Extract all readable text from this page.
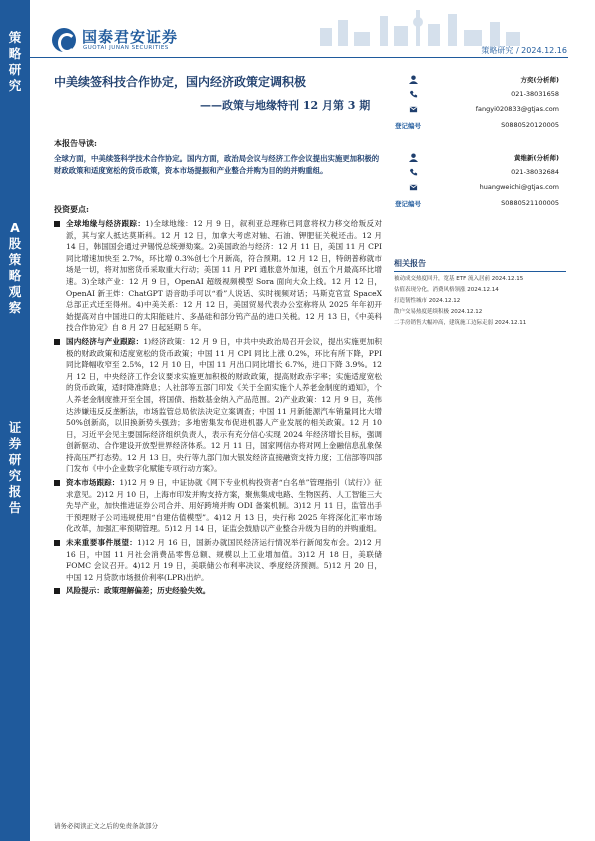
策
略
研
究
A
股
策
略
观
察
证
券
研
究
报
告
国泰君安证券
GUOTAI JUNAN SECURITIES	策略研究 / 2024.12.16
中美续签科技合作协定，国内经济政策定调积极
——政策与地缘特刊 12 月第 3 期
方奕(分析师)
021-38031658
fangyi020833@gtjas.com
登记编号	S0880520120005
黄维新(分析师)
021-38032684
huangweichi@gtjas.com
登记编号	S0880521100005
相关报告
被动成交热度回升，宽基 ETF 流入居前 2024.12.15
估值表现分化，消费风格领涨 2024.12.14
打造韧性城市 2024.12.12
散户交易热度延续积极 2024.12.12
二手房销售大幅冲高，建筑施工边际走弱 2024.12.11
本报告导读:
全球方面，中美续签科学技术合作协定。国内方面，政治局会议与经济工作会议提出实施更加积极的财政政策和适度宽松的货币政策，资本市场提振和产业整合并购为目的的并购重组。
投资要点:
全球地缘与经济跟踪：1)全球地缘：12 月 9 日，叙利亚总理称已同意将权力移交给叛反对派，其与家人抵达莫斯科。12 月 12 日，加拿大考虑对轴、石油、钾肥征关税还击。12 月 14 日，韩国国会通过尹锡悦总统弹劾案。2)美国政治与经济：12 月 11 日，美国 11 月 CPI 同比增速加快至 2.7%，环比增 0.3%创七个月新高，符合预期。12 月 12 日，特朗普称就市场是一切，将对加密货币采取重大行动；美国 11 月 PPI 通胀意外加速，创五个月最高环比增速。3)全球产业：12 月 9 日，OpenAI 超级视频模型 Sora 面向大众上线。12 月 12 日，OpenAI 新王炸：ChatGPT 语音助手可以“看”人说话、实时视频对话；马斯克官宣 SpaceX 总部正式迁至得州。4)中美关系：12 月 12 日，美国贸易代表办公室称将从 2025 年年初开始提高对自中国进口的太阳能硅片、多晶硅和部分钨产品的进口关税。12 月 13 日，《中美科技合作协定》自 8 月 27 日起延期 5 年。
国内经济与产业跟踪：1)经济政策：12 月 9 日，中共中央政治局召开会议，提出实施更加积极的财政政策和适度宽松的货币政策；中国 11 月 CPI 同比上涨 0.2%，环比有所下降，PPI 同比降幅收窄至 2.5%，12 月 10 日，中国 11 月出口同比增长 6.7%，进口下降 3.9%。12 月 12 日，中央经济工作会议要求实施更加积极的财政政策，提高财政赤字率；实施适度宽松的货币政策，适时降准降息；人社部等五部门印发《关于全面实施个人养老金制度的通知》，个人养老金制度推开至全国，将国债、指数基金纳入产品范围。2)产业政策：12 月 9 日，英伟达涉嫌违反反垄断法，市场监管总局依法决定立案调查；中国 11 月新能源汽车销量同比大增 50%创新高，以旧换新势头强劲；多地密集发布促进机器人产业发展的相关政策。12 月 10 日，习近平会见主要国际经济组织负责人，表示有充分信心实现 2024 年经济增长目标，强调创新驱动、合作建设开放型世界经济体系。12 月 11 日，国家网信办将对网上金融信息乱象保持高压严打态势。12 月 13 日，央行等九部门加大银发经济直接融资支持力度；工信部等四部门发布《中小企业数字化赋能专项行动方案》。
资本市场跟踪：1)12 月 9 日，中证协就《网下专业机构投资者“白名单”管理指引（试行）》征求意见。2)12 月 10 日，上海市印发并购支持方案，聚焦集成电路、生物医药、人工智能三大先导产业，加快推进证券公司合并、用好跨境并购 ODI 备案机制。3)12 月 11 日，监管出手干预理财子公司违规使用“自建估值模型”。4)12 月 13 日，央行称 2025 年将深化汇率市场化改革，加强汇率预期管理。5)12 月 14 日，证监会鼓励以产业整合升级为目的的并购重组。
未来重要事件展望：1)12 月 16 日，国新办就国民经济运行情况举行新闻发布会。2)12 月 16 日，中国 11 月社会消费品零售总额、规模以上工业增加值。3)12 月 18 日，美联储 FOMC 会议召开。4)12 月 19 日，美联储公布利率决议、季度经济预测。5)12 月 20 日，中国 12 月贷款市场报价利率(LPR)出炉。
风险提示：政策理解偏差；历史经验失效。
请务必阅读正文之后的免责条款部分
